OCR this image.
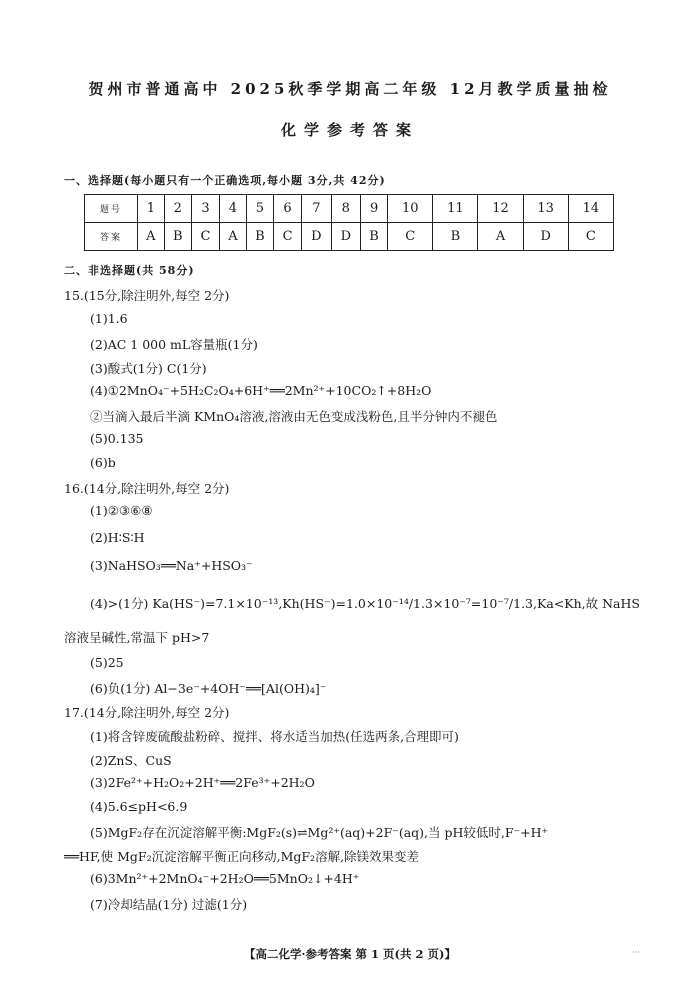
贺州市普通高中 2025秋季学期高二年级 12月教学质量抽检
化学参考答案
一、选择题(每小题只有一个正确选项,每小题 3分,共 42分)
题号	1	2	3	4	5	6	7	8	9	10	11	12	13	14
答案	A	B	C	A	B	C	D	D	B	C	B	A	D	C
二、非选择题(共 58分)
15.(15分,除注明外,每空 2分)
(1)1.6
(2)AC 1 000 mL容量瓶(1分)
(3)酸式(1分) C(1分)
(4)①2MnO₄⁻+5H₂C₂O₄+6H⁺══2Mn²⁺+10CO₂↑+8H₂O
②当滴入最后半滴 KMnO₄溶液,溶液由无色变成浅粉色,且半分钟内不褪色
(5)0.135
(6)b
16.(14分,除注明外,每空 2分)
(1)②③⑥⑧
(2)H∶S∶H
(3)NaHSO₃══Na⁺+HSO₃⁻
(4)>(1分) Ka(HS⁻)=7.1×10⁻¹³,Kh(HS⁻)=1.0×10⁻¹⁴/1.3×10⁻⁷=10⁻⁷/1.3,Ka<Kh,故 NaHS
溶液呈碱性,常温下 pH>7
(5)25
(6)负(1分) Al−3e⁻+4OH⁻══[Al(OH)₄]⁻
17.(14分,除注明外,每空 2分)
(1)将含锌废硫酸盐粉碎、搅拌、将水适当加热(任选两条,合理即可)
(2)ZnS、CuS
(3)2Fe²⁺+H₂O₂+2H⁺══2Fe³⁺+2H₂O
(4)5.6≤pH<6.9
(5)MgF₂存在沉淀溶解平衡:MgF₂(s)⇌Mg²⁺(aq)+2F⁻(aq),当 pH较低时,F⁻+H⁺
══HF,使 MgF₂沉淀溶解平衡正向移动,MgF₂溶解,除镁效果变差
(6)3Mn²⁺+2MnO₄⁻+2H₂O══5MnO₂↓+4H⁺
(7)冷却结晶(1分) 过滤(1分)
【高二化学·参考答案 第 1 页(共 2 页)】	···
